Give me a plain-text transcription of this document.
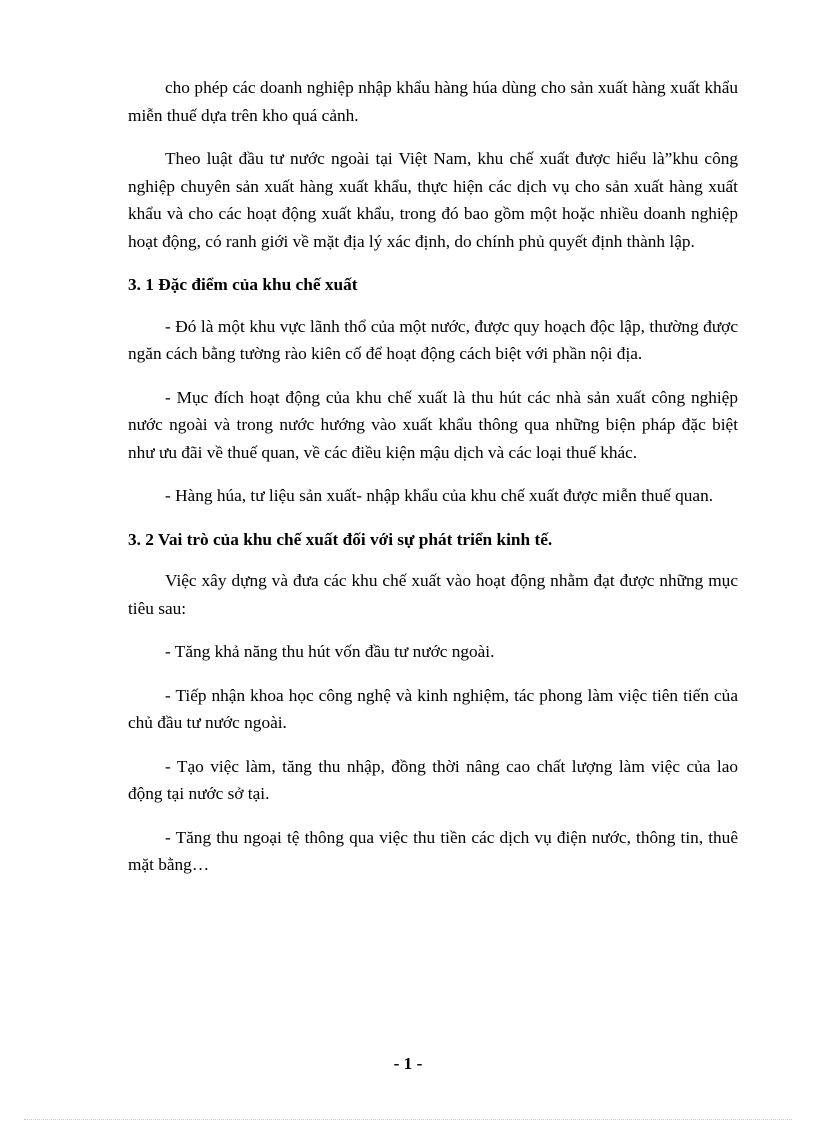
cho phép các doanh nghiệp nhập khẩu hàng húa dùng cho sản xuất hàng xuất khẩu miễn thuế dựa trên kho quá cảnh.

Theo luật đầu tư nước ngoài tại Việt Nam, khu chế xuất được hiểu là”khu công nghiệp chuyên sản xuất hàng xuất khẩu, thực hiện các dịch vụ cho sản xuất hàng xuất khẩu và cho các hoạt động xuất khẩu, trong đó bao gồm một hoặc nhiều doanh nghiệp hoạt động, có ranh giới về mặt địa lý xác định, do chính phủ quyết định thành lập.

3. 1 Đặc điểm của khu chế xuất

- Đó là một khu vực lãnh thổ của một nước, được quy hoạch độc lập, thường được ngăn cách bằng tường rào kiên cố để hoạt động cách biệt với phần nội địa.

- Mục đích hoạt động của khu chế xuất là thu hút các nhà sản xuất công nghiệp nước ngoài và trong nước hướng vào xuất khẩu thông qua những biện pháp đặc biệt như ưu đãi về thuế quan, về các điều kiện mậu dịch và các loại thuế khác.

- Hàng húa, tư liệu sản xuất- nhập khẩu của khu chế xuất được miễn thuế quan.

3. 2 Vai trò của khu chế xuất đối với sự phát triển kinh tế.

Việc xây dựng và đưa các khu chế xuất vào hoạt động nhằm đạt được những mục tiêu sau:

- Tăng khả năng thu hút vốn đầu tư nước ngoài.

- Tiếp nhận khoa học công nghệ và kinh nghiệm, tác phong làm việc tiên tiến của chủ đầu tư nước ngoài.

- Tạo việc làm, tăng thu nhập, đồng thời nâng cao chất lượng làm việc của lao động tại nước sở tại.

- Tăng thu ngoại tệ thông qua việc thu tiền các dịch vụ điện nước, thông tin, thuê mặt bằng…

- 1 -
